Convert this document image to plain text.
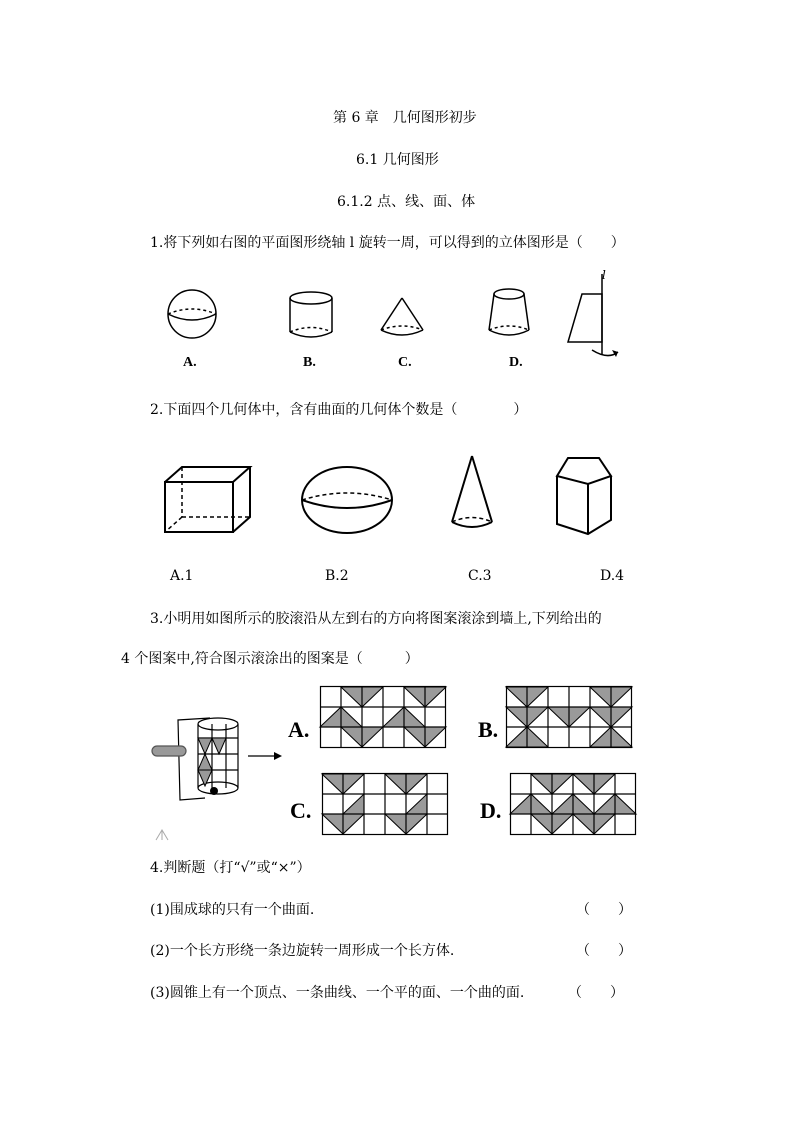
第 6 章　几何图形初步
6.1 几何图形
6.1.2 点、线、面、体
1.将下列如右图的平面图形绕轴 l 旋转一周，可以得到的立体图形是（　　）
l
A.	B.	C.	D.
2.下面四个几何体中，含有曲面的几何体个数是（　　　　）
A.1	B.2	C.3	D.4
3.小明用如图所示的胶滚沿从左到右的方向将图案滚涂到墙上,下列给出的
4 个图案中,符合图示滚涂出的图案是（　　　）
A.	B.
C.	D.
4.判断题（打“√”或“×”）
(1)围成球的只有一个曲面.	（　　）
(2)一个长方形绕一条边旋转一周形成一个长方体.	（　　）
(3)圆锥上有一个顶点、一条曲线、一个平的面、一个曲的面.	（　　）
